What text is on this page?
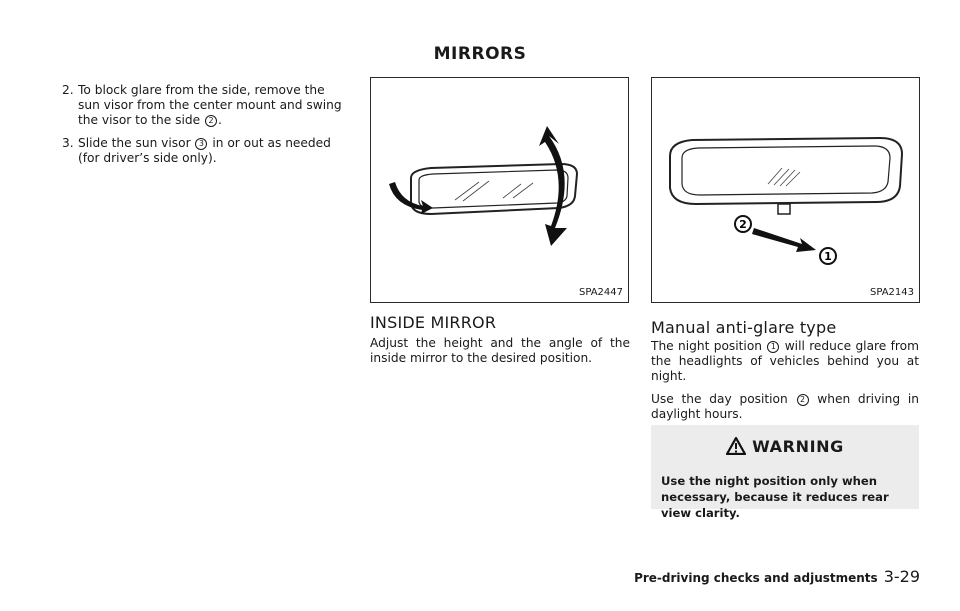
MIRRORS
2. To block glare from the side, remove the sun visor from the center mount and swing the visor to the side 2 .
3. Slide the sun visor 3 in or out as needed (for driver’s side only).
SPA2447
2
1
SPA2143
INSIDE MIRROR

Adjust the height and the angle of the inside mirror to the desired position.

Manual anti-glare type

The night position 1 will reduce glare from the headlights of vehicles behind you at night.

Use the day position 2 when driving in daylight hours.

WARNING
Use the night position only when necessary, because it reduces rear view clarity.
Pre-driving checks and adjustments 3-29
